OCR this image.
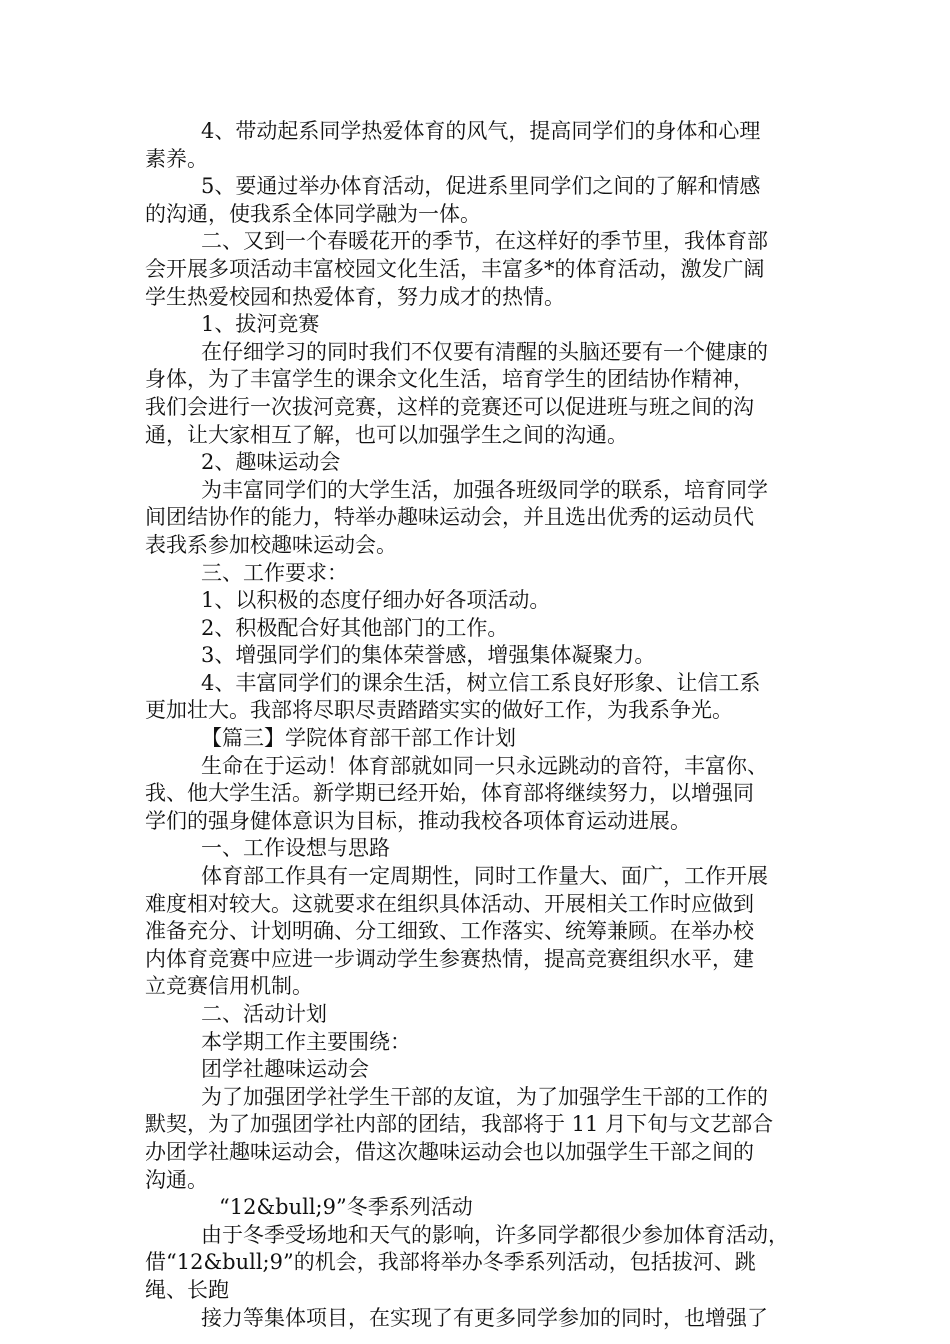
4、带动起系同学热爱体育的风气，提高同学们的身体和心理
素养。
5、要通过举办体育活动，促进系里同学们之间的了解和情感
的沟通，使我系全体同学融为一体。
二、又到一个春暖花开的季节，在这样好的季节里，我体育部
会开展多项活动丰富校园文化生活，丰富多*的体育活动，激发广阔
学生热爱校园和热爱体育，努力成才的热情。
1、拔河竞赛
在仔细学习的同时我们不仅要有清醒的头脑还要有一个健康的
身体，为了丰富学生的课余文化生活，培育学生的团结协作精神，
我们会进行一次拔河竞赛，这样的竞赛还可以促进班与班之间的沟
通，让大家相互了解，也可以加强学生之间的沟通。
2、趣味运动会
为丰富同学们的大学生活，加强各班级同学的联系，培育同学
间团结协作的能力，特举办趣味运动会，并且选出优秀的运动员代
表我系参加校趣味运动会。
三、工作要求：
1、以积极的态度仔细办好各项活动。
2、积极配合好其他部门的工作。
3、增强同学们的集体荣誉感，增强集体凝聚力。
4、丰富同学们的课余生活，树立信工系良好形象、让信工系
更加壮大。我部将尽职尽责踏踏实实的做好工作，为我系争光。
【篇三】学院体育部干部工作计划
生命在于运动！体育部就如同一只永远跳动的音符，丰富你、
我、他大学生活。新学期已经开始，体育部将继续努力，以增强同
学们的强身健体意识为目标，推动我校各项体育运动进展。
一、工作设想与思路
体育部工作具有一定周期性，同时工作量大、面广，工作开展
难度相对较大。这就要求在组织具体活动、开展相关工作时应做到
准备充分、计划明确、分工细致、工作落实、统筹兼顾。在举办校
内体育竞赛中应进一步调动学生参赛热情，提高竞赛组织水平，建
立竞赛信用机制。
二、活动计划
本学期工作主要围绕：
团学社趣味运动会
为了加强团学社学生干部的友谊，为了加强学生干部的工作的
默契，为了加强团学社内部的团结，我部将于 11 月下旬与文艺部合
办团学社趣味运动会，借这次趣味运动会也以加强学生干部之间的
沟通。
“12&bull;9”冬季系列活动
由于冬季受场地和天气的影响，许多同学都很少参加体育活动，
借“12&bull;9”的机会，我部将举办冬季系列活动，包括拔河、跳
绳、长跑
接力等集体项目，在实现了有更多同学参加的同时，也增强了
